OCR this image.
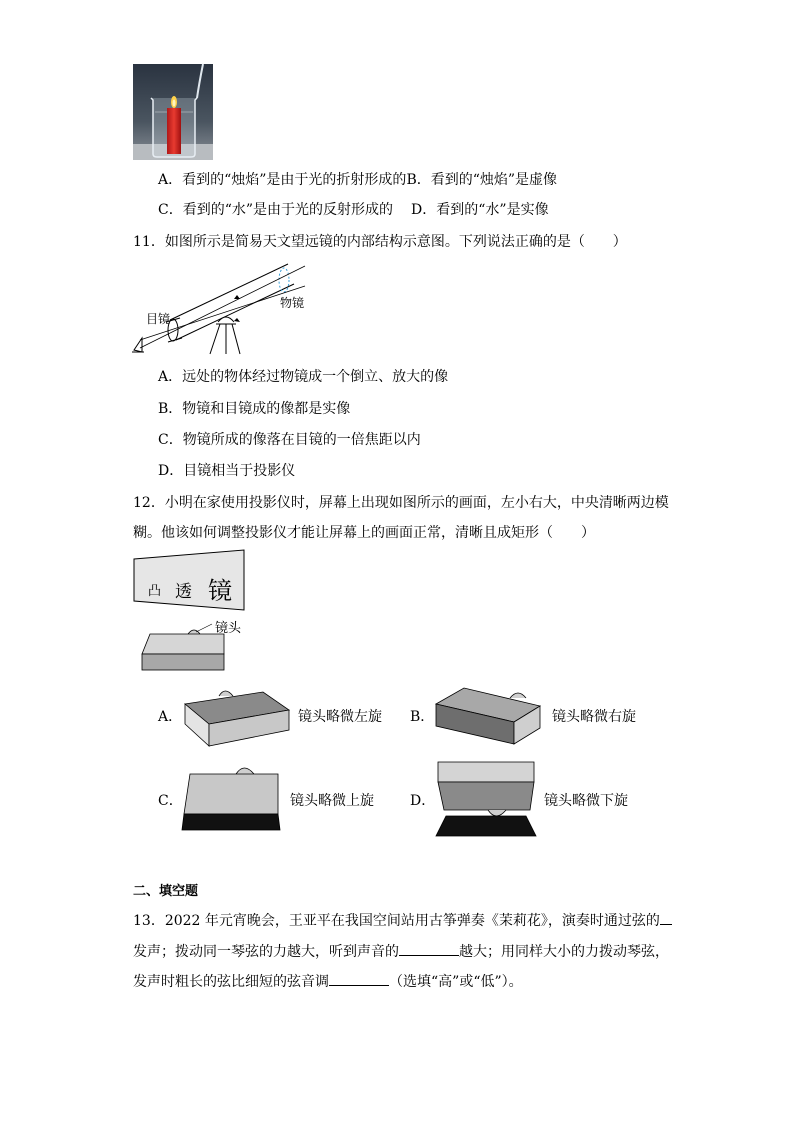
A．看到的“烛焰”是由于光的折射形成的B．看到的“烛焰”是虚像
C．看到的“水”是由于光的反射形成的 D．看到的“水”是实像
11．如图所示是简易天文望远镜的内部结构示意图。下列说法正确的是（　　）
物镜
目镜
A．远处的物体经过物镜成一个倒立、放大的像
B．物镜和目镜成的像都是实像
C．物镜所成的像落在目镜的一倍焦距以内
D．目镜相当于投影仪
12．小明在家使用投影仪时，屏幕上出现如图所示的画面，左小右大，中央清晰两边模
糊。他该如何调整投影仪才能让屏幕上的画面正常，清晰且成矩形（　　）
凸 透 镜
镜头
A．	镜头略微左旋 B．	镜头略微右旋
C．	镜头略微上旋	D．	镜头略微下旋
二、填空题
13．2022 年元宵晚会，王亚平在我国空间站用古筝弹奏《茉莉花》，演奏时通过弦的
发声；拨动同一琴弦的力越大，听到声音的	越大；用同样大小的力拨动琴弦，
发声时粗长的弦比细短的弦音调	（选填“高”或“低”）。
